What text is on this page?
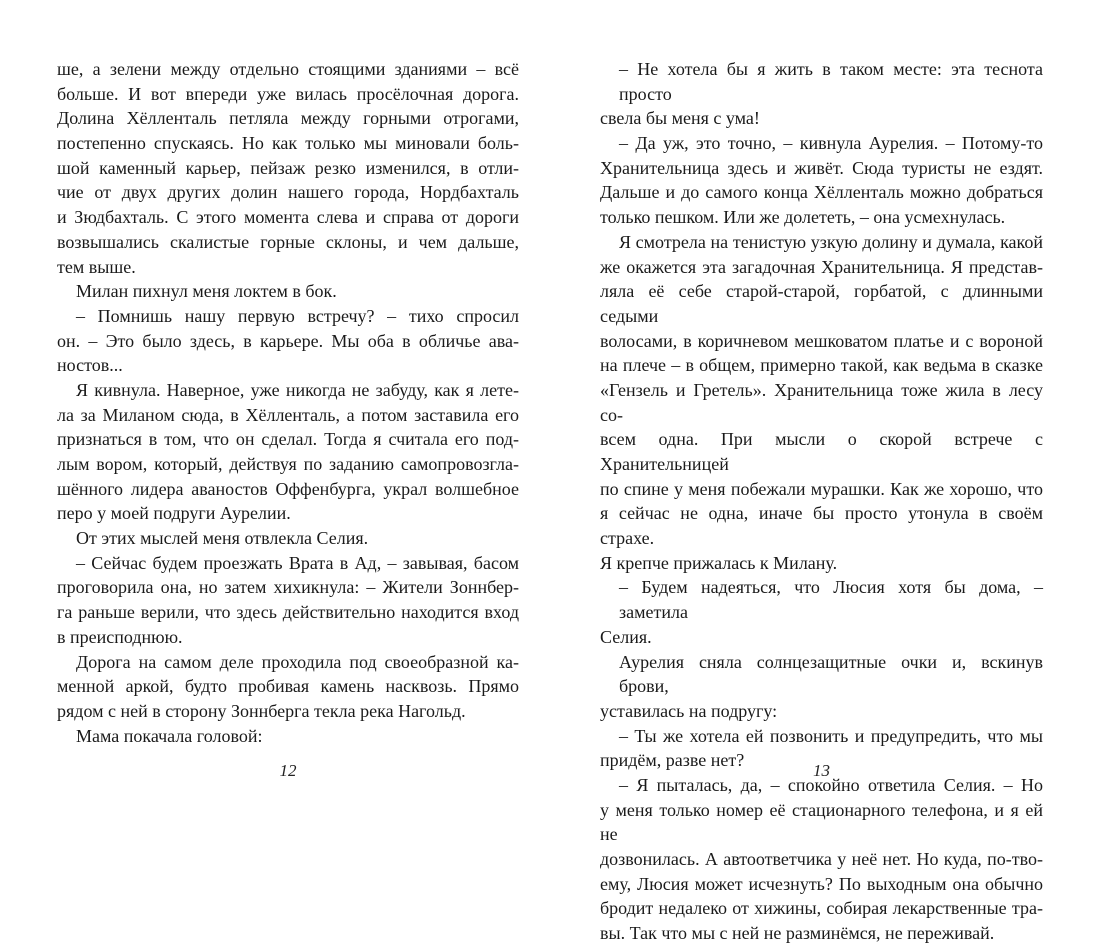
ше, а зелени между отдельно стоящими зданиями – всё
больше. И вот впереди уже вилась просёлочная дорога.
Долина Хёлленталь петляла между горными отрогами,
постепенно спускаясь. Но как только мы миновали боль-
шой каменный карьер, пейзаж резко изменился, в отли-
чие от двух других долин нашего города, Нордбахталь
и Зюдбахталь. С этого момента слева и справа от дороги
возвышались скалистые горные склоны, и чем дальше,
тем выше.
Милан пихнул меня локтем в бок.
– Помнишь нашу первую встречу? – тихо спросил
он. – Это было здесь, в карьере. Мы оба в обличье ава-
ностов...
Я кивнула. Наверное, уже никогда не забуду, как я лете-
ла за Миланом сюда, в Хёлленталь, а потом заставила его
признаться в том, что он сделал. Тогда я считала его под-
лым вором, который, действуя по заданию самопровозгла-
шённого лидера аваностов Оффенбурга, украл волшебное
перо у моей подруги Аурелии.
От этих мыслей меня отвлекла Селия.
– Сейчас будем проезжать Врата в Ад, – завывая, басом
проговорила она, но затем хихикнула: – Жители Зоннбер-
га раньше верили, что здесь действительно находится вход
в преисподнюю.
Дорога на самом деле проходила под своеобразной ка-
менной аркой, будто пробивая камень насквозь. Прямо
рядом с ней в сторону Зоннберга текла река Нагольд.
Мама покачала головой:
– Не хотела бы я жить в таком месте: эта теснота просто
свела бы меня с ума!
– Да уж, это точно, – кивнула Аурелия. – Потому-то
Хранительница здесь и живёт. Сюда туристы не ездят.
Дальше и до самого конца Хёлленталь можно добраться
только пешком. Или же долететь, – она усмехнулась.
Я смотрела на тенистую узкую долину и думала, какой
же окажется эта загадочная Хранительница. Я представ-
ляла её себе старой-старой, горбатой, с длинными седыми
волосами, в коричневом мешковатом платье и с вороной
на плече – в общем, примерно такой, как ведьма в сказке
«Гензель и Гретель». Хранительница тоже жила в лесу со-
всем одна. При мысли о скорой встрече с Хранительницей
по спине у меня побежали мурашки. Как же хорошо, что
я сейчас не одна, иначе бы просто утонула в своём страхе.
Я крепче прижалась к Милану.
– Будем надеяться, что Люсия хотя бы дома, – заметила
Селия.
Аурелия сняла солнцезащитные очки и, вскинув брови,
уставилась на подругу:
– Ты же хотела ей позвонить и предупредить, что мы
придём, разве нет?
– Я пыталась, да, – спокойно ответила Селия. – Но
у меня только номер её стационарного телефона, и я ей не
дозвонилась. А автоответчика у неё нет. Но куда, по-тво-
ему, Люсия может исчезнуть? По выходным она обычно
бродит недалеко от хижины, собирая лекарственные тра-
вы. Так что мы с ней не разминёмся, не переживай.
12	13
